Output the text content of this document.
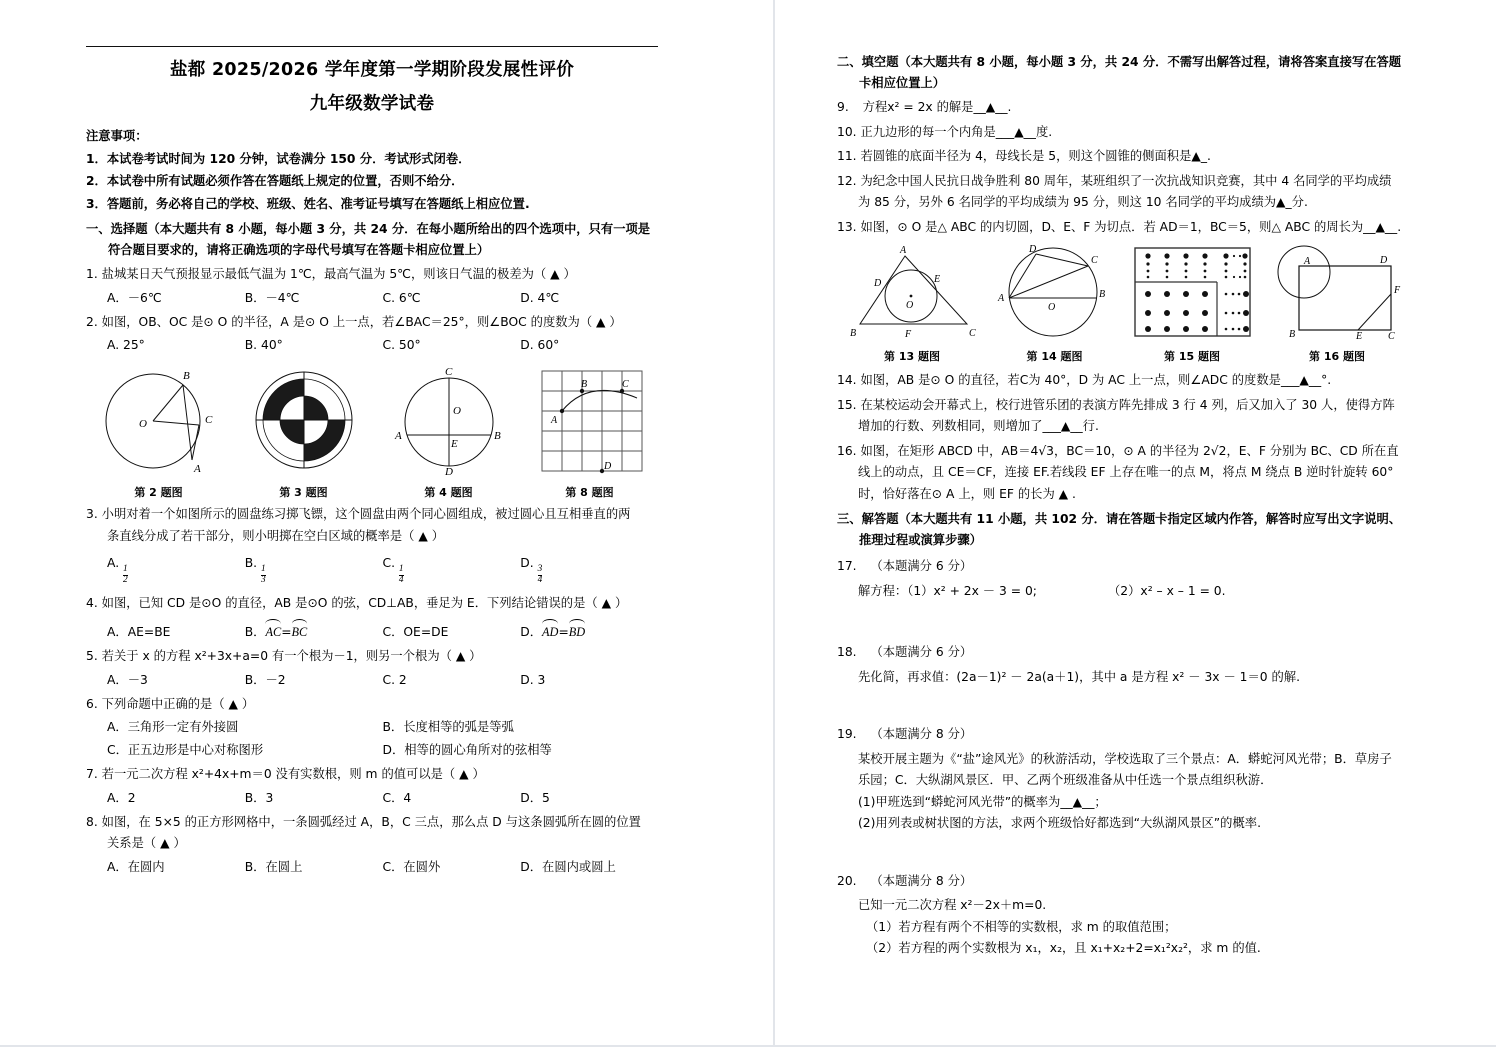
盐都 2025/2026 学年度第一学期阶段发展性评价
九年级数学试卷
注意事项：
1．本试卷考试时间为 120 分钟，试卷满分 150 分．考试形式闭卷．
2．本试卷中所有试题必须作答在答题纸上规定的位置，否则不给分．
3．答题前，务必将自己的学校、班级、姓名、准考证号填写在答题纸上相应位置.
一、选择题（本大题共有 8 小题，每小题 3 分，共 24 分．在每小题所给出的四个选项中，只有一项是
符合题目要求的，请将正确选项的字母代号填写在答题卡相应位置上）
1. 盐城某日天气预报显示最低气温为 1℃，最高气温为 5℃，则该日气温的极差为（ ▲ ）
A．－6℃	B．－4℃	C. 6℃	D. 4℃
2. 如图，OB、OC 是⊙ O 的半径，A 是⊙ O 上一点，若∠BAC＝25°，则∠BOC 的度数为（ ▲ ）
A. 25°	B. 40°	C. 50°	D. 60°
B
C
O
A
第 2 题图	第 3 题图
C
O
A
E
B
D
第 4 题图
B	C
A
D
第 8 题图
3. 小明对着一个如图所示的圆盘练习掷飞镖，这个圆盘由两个同心圆组成，被过圆心且互相垂直的两
条直线分成了若干部分，则小明掷在空白区域的概率是（ ▲ ）
A.
$\frac{1}{2}$
B.
$\frac{1}{3}$
C.
$\frac{1}{4}$
D.
$\frac{3}{4}$
4. 如图，已知 CD 是⊙O 的直径，AB 是⊙O 的弦，CD⊥AB，垂足为 E．下列结论错误的是（ ▲ ）
A．AE=BE	B．AC=BC	C．OE=DE	D．AD=BD
5. 若关于 x 的方程 x²+3x+a=0 有一个根为－1，则另一个根为（ ▲ ）
A．－3	B．－2	C. 2	D. 3
6. 下列命题中正确的是（ ▲ ）
A．三角形一定有外接圆	B．长度相等的弧是等弧
C．正五边形是中心对称图形	D．相等的圆心角所对的弦相等
7. 若一元二次方程 x²+4x+m＝0 没有实数根，则 m 的值可以是（ ▲ ）
A．2	B．3	C．4	D．5
8. 如图，在 5×5 的正方形网格中，一条圆弧经过 A，B，C 三点，那么点 D 与这条圆弧所在圆的位置
关系是（ ▲ ）
A．在圆内	B．在圆上	C．在圆外	D．在圆内或圆上
二、填空题（本大题共有 8 小题，每小题 3 分，共 24 分．不需写出解答过程，请将答案直接写在答题
卡相应位置上）
9. 方程x² = 2x 的解是__▲__.
10. 正九边形的每一个内角是___▲__度.
11. 若圆锥的底面半径为 4，母线长是 5，则这个圆锥的侧面积是▲_.
12. 为纪念中国人民抗日战争胜利 80 周年，某班组织了一次抗战知识竞赛，其中 4 名同学的平均成绩
为 85 分，另外 6 名同学的平均成绩为 95 分，则这 10 名同学的平均成绩为▲_分.
13. 如图，⊙ O 是△ ABC 的内切圆，D、E、F 为切点．若 AD＝1，BC＝5，则△ ABC 的周长为__▲__.
A
D	E
O
B	F	C
第 13 题图
D
C
A
O
B
第 14 题图	第 15 题图
A	D
F
B	E	C
第 16 题图
14. 如图，AB 是⊙ O 的直径，若C为 40°，D 为 AC 上一点，则∠ADC 的度数是___▲__°.
15. 在某校运动会开幕式上，校行进管乐团的表演方阵先排成 3 行 4 列，后又加入了 30 人，使得方阵
增加的行数、列数相同，则增加了___▲__行.
16. 如图，在矩形 ABCD 中，AB＝4√3，BC＝10，⊙ A 的半径为 2√2，E、F 分别为 BC、CD 所在直
线上的动点，且 CE＝CF，连接 EF.若线段 EF 上存在唯一的点 M，将点 M 绕点 B 逆时针旋转 60°
时，恰好落在⊙ A 上，则 EF 的长为 ▲ .
三、解答题（本大题共有 11 小题，共 102 分．请在答题卡指定区域内作答，解答时应写出文字说明、
推理过程或演算步骤）
17. （本题满分 6 分）
解方程：（1）x² + 2x － 3 = 0;	（2）x² – x – 1 = 0.
18. （本题满分 6 分）
先化简，再求值：(2a－1)² － 2a(a＋1)，其中 a 是方程 x² － 3x － 1＝0 的解.
19. （本题满分 8 分）
某校开展主题为《“盐”途风光》的秋游活动，学校选取了三个景点：A．蟒蛇河风光带；B．草房子
乐园；C．大纵湖风景区．甲、乙两个班级准备从中任选一个景点组织秋游．
(1)甲班选到“蟒蛇河风光带”的概率为__▲__；
(2)用列表或树状图的方法，求两个班级恰好都选到“大纵湖风景区”的概率.
20. （本题满分 8 分）
已知一元二次方程 x²－2x＋m=0.
（1）若方程有两个不相等的实数根，求 m 的取值范围；
（2）若方程的两个实数根为 x₁，x₂，且 x₁+x₂+2=x₁²x₂²，求 m 的值.
